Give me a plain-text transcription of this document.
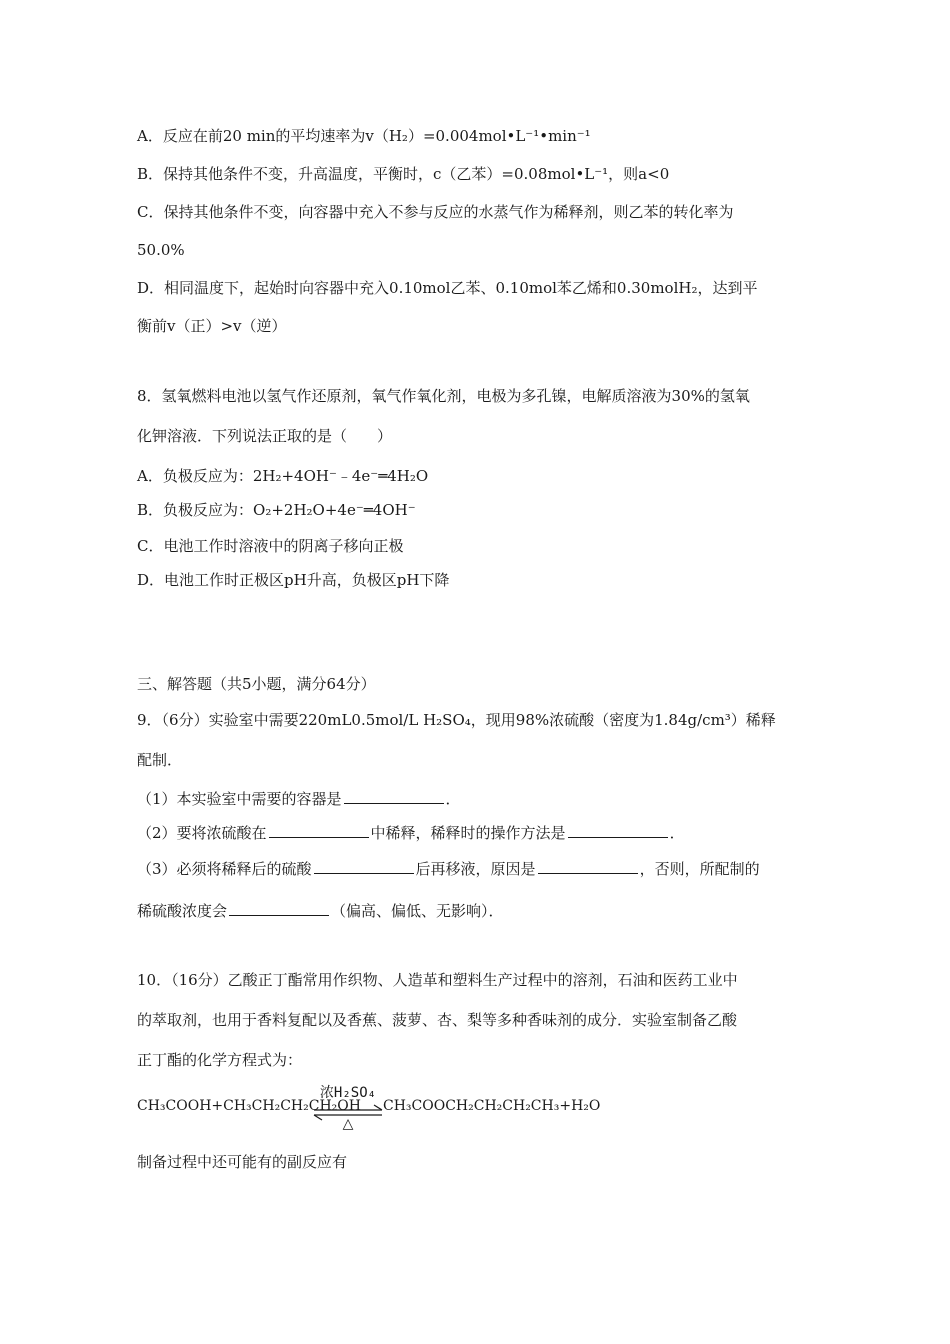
A．反应在前20 min的平均速率为v（H₂）=0.004mol•L⁻¹•min⁻¹
B．保持其他条件不变，升高温度，平衡时，c（乙苯）=0.08mol•L⁻¹，则a<0
C．保持其他条件不变，向容器中充入不参与反应的水蒸气作为稀释剂，则乙苯的转化率为
50.0%
D．相同温度下，起始时向容器中充入0.10mol乙苯、0.10mol苯乙烯和0.30molH₂，达到平
衡前v（正）>v（逆）
8．氢氧燃料电池以氢气作还原剂，氧气作氧化剂，电极为多孔镍，电解质溶液为30%的氢氧
化钾溶液．下列说法正取的是（　　）
A．负极反应为：2H₂+4OH⁻﹣4e⁻═4H₂O
B．负极反应为：O₂+2H₂O+4e⁻═4OH⁻
C．电池工作时溶液中的阴离子移向正极
D．电池工作时正极区pH升高，负极区pH下降
三、解答题（共5小题，满分64分）
9．（6分）实验室中需要220mL0.5mol/L H₂SO₄，现用98%浓硫酸（密度为1.84g/cm³）稀释
配制．
（1）本实验室中需要的容器是	．
（2）要将浓硫酸在	中稀释，稀释时的操作方法是	．
（3）必须将稀释后的硫酸	后再移液，原因是	，否则，所配制的
稀硫酸浓度会	（偏高、偏低、无影响）．
10．（16分）乙酸正丁酯常用作织物、人造革和塑料生产过程中的溶剂，石油和医药工业中
的萃取剂，也用于香料复配以及香蕉、菠萝、杏、梨等多种香味剂的成分．实验室制备乙酸
正丁酯的化学方程式为：
CH₃COOH+CH₃CH₂CH₂CH₂OH
浓H₂SO₄
△
CH₃COOCH₂CH₂CH₂CH₃+H₂O
制备过程中还可能有的副反应有
